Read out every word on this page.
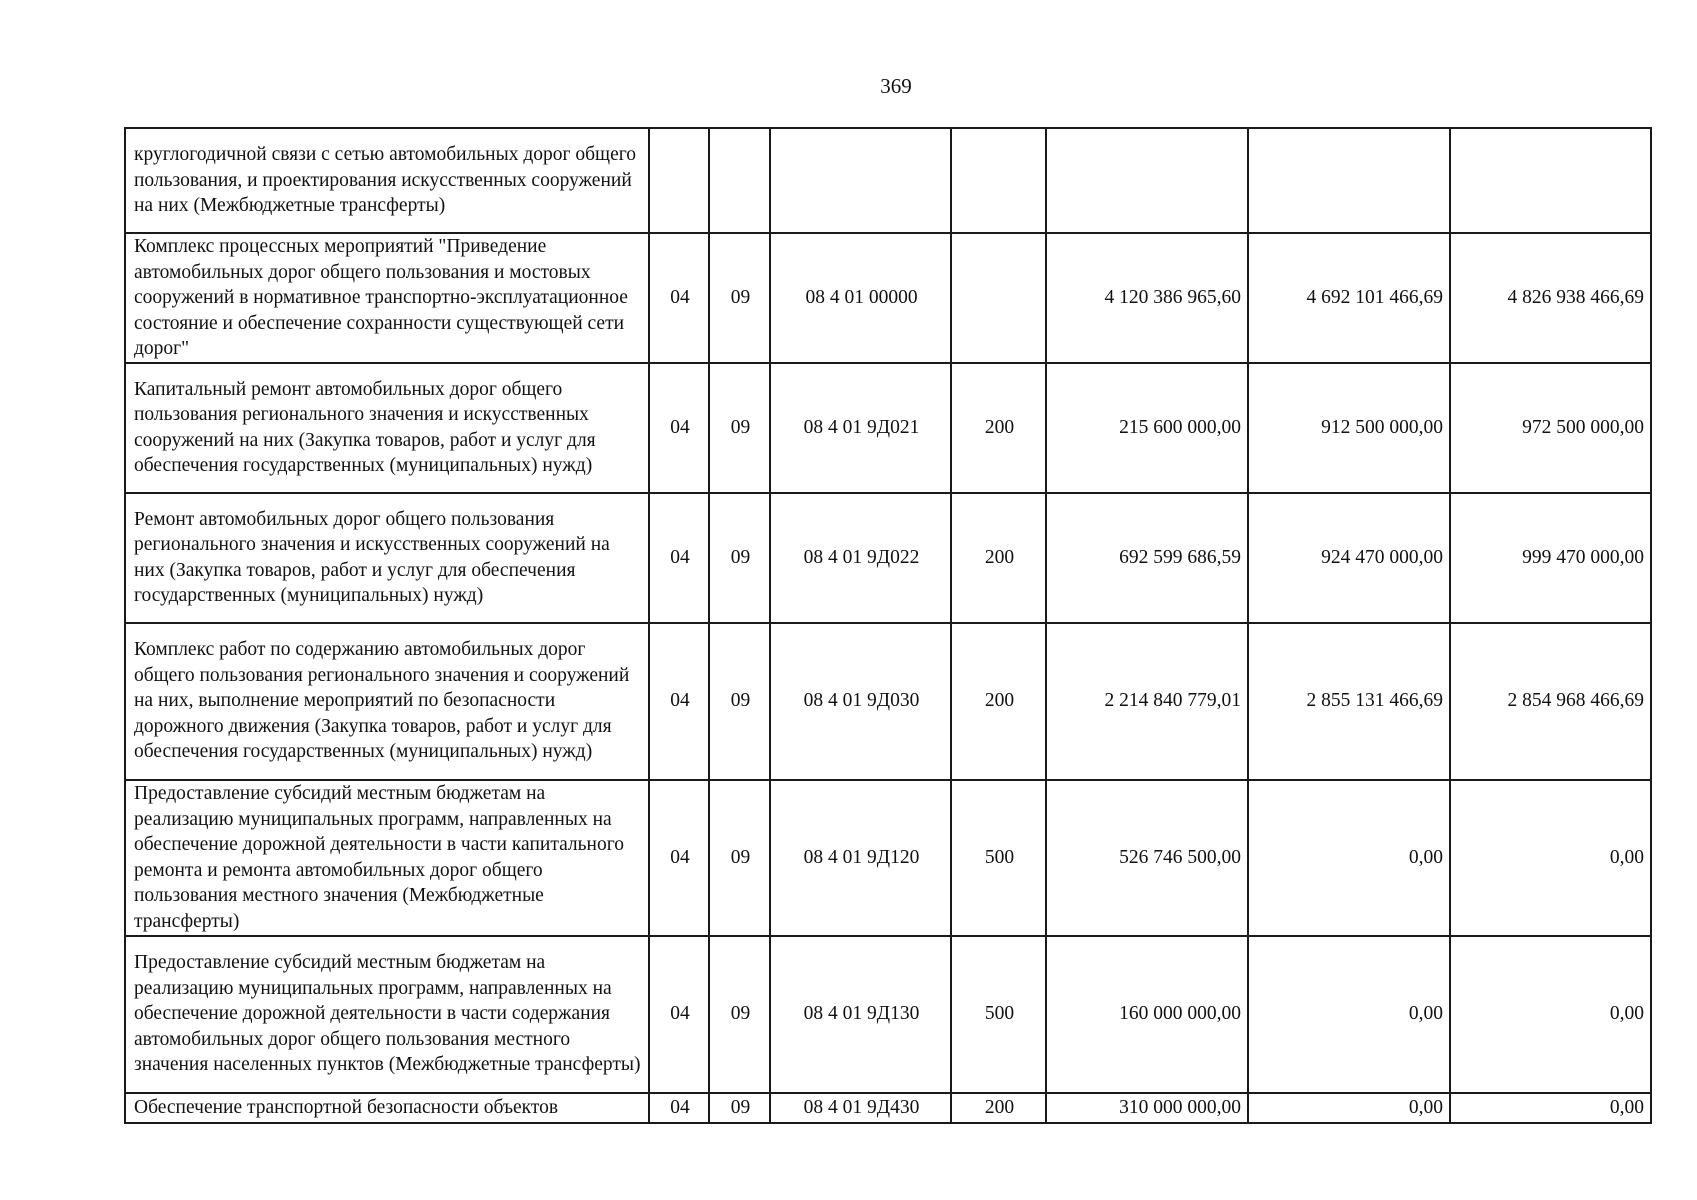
369
круглогодичной связи с сетью автомобильных дорог общего пользования, и проектирования искусственных сооружений на них (Межбюджетные трансферты)							
Комплекс процессных мероприятий "Приведение автомобильных дорог общего пользования и мостовых сооружений в нормативное транспортно-эксплуатационное состояние и обеспечение сохранности существующей сети дорог"	04	09	08 4 01 00000		4 120 386 965,60	4 692 101 466,69	4 826 938 466,69
Капитальный ремонт автомобильных дорог общего пользования регионального значения и искусственных сооружений на них (Закупка товаров, работ и услуг для обеспечения государственных (муниципальных) нужд)	04	09	08 4 01 9Д021	200	215 600 000,00	912 500 000,00	972 500 000,00
Ремонт автомобильных дорог общего пользования регионального значения и искусственных сооружений на них (Закупка товаров, работ и услуг для обеспечения государственных (муниципальных) нужд)	04	09	08 4 01 9Д022	200	692 599 686,59	924 470 000,00	999 470 000,00
Комплекс работ по содержанию автомобильных дорог общего пользования регионального значения и сооружений на них, выполнение мероприятий по безопасности дорожного движения (Закупка товаров, работ и услуг для обеспечения государственных (муниципальных) нужд)	04	09	08 4 01 9Д030	200	2 214 840 779,01	2 855 131 466,69	2 854 968 466,69
Предоставление субсидий местным бюджетам на реализацию муниципальных программ, направленных на обеспечение дорожной деятельности в части капитального ремонта и ремонта автомобильных дорог общего пользования местного значения (Межбюджетные трансферты)	04	09	08 4 01 9Д120	500	526 746 500,00	0,00	0,00
Предоставление субсидий местным бюджетам на реализацию муниципальных программ, направленных на обеспечение дорожной деятельности в части содержания автомобильных дорог общего пользования местного значения населенных пунктов (Межбюджетные трансферты)	04	09	08 4 01 9Д130	500	160 000 000,00	0,00	0,00
Обеспечение транспортной безопасности объектов	04	09	08 4 01 9Д430	200	310 000 000,00	0,00	0,00
